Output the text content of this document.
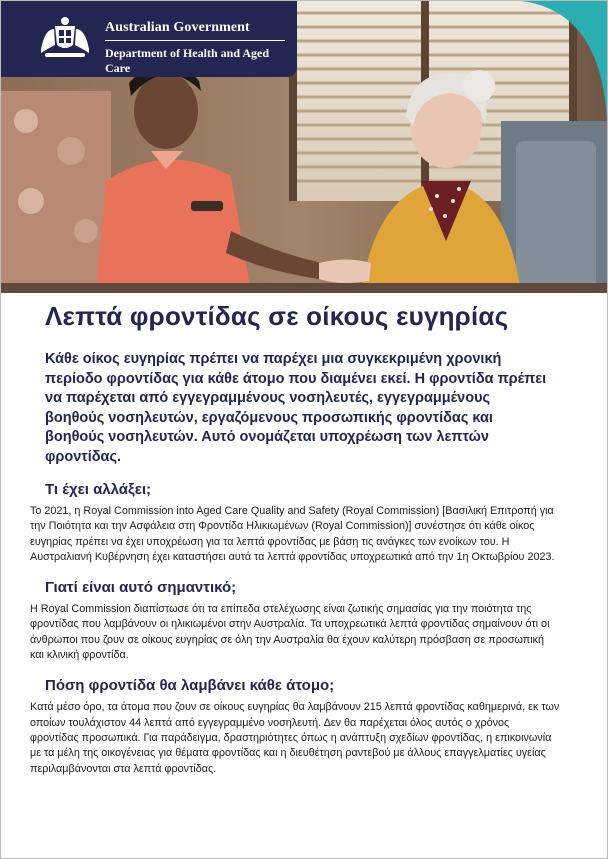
Australian Government
Department of Health and Aged Care
Λεπτά φροντίδας σε οίκους ευγηρίας
Κάθε οίκος ευγηρίας πρέπει να παρέχει μια συγκεκριμένη χρονική περίοδο φροντίδας για κάθε άτομο που διαμένει εκεί. Η φροντίδα πρέπει να παρέχεται από εγγεγραμμένους νοσηλευτές, εγγεγραμμένους βοηθούς νοσηλευτών, εργαζόμενους προσωπικής φροντίδας και βοηθούς νοσηλευτών. Αυτό ονομάζεται υποχρέωση των λεπτών φροντίδας.
Τι έχει αλλάξει;

Το 2021, η Royal Commission into Aged Care Quality and Safety (Royal Commission) [Βασιλική Επιτροπή για την Ποιότητα και την Ασφάλεια στη Φροντίδα Ηλικιωμένων (Royal Commission)] συνέστησε ότι κάθε οίκος ευγηρίας πρέπει να έχει υποχρέωση για τα λεπτά φροντίδας με βάση τις ανάγκες των ενοίκων του. Η Αυστραλιανή Κυβέρνηση έχει καταστήσει αυτά τα λεπτά φροντίδας υποχρεωτικά από την 1η Οκτωβρίου 2023.

Γιατί είναι αυτό σημαντικό;

Η Royal Commission διαπίστωσε ότι τα επίπεδα στελέχωσης είναι ζωτικής σημασίας για την ποιότητα της φροντίδας που λαμβάνουν οι ηλικιωμένοι στην Αυστραλία. Τα υποχρεωτικά λεπτά φροντίδας σημαίνουν ότι οι άνθρωποι που ζουν σε οίκους ευγηρίας σε όλη την Αυστραλία θα έχουν καλύτερη πρόσβαση σε προσωπική και κλινική φροντίδα.

Πόση φροντίδα θα λαμβάνει κάθε άτομο;

Κατά μέσο όρο, τα άτομα που ζουν σε οίκους ευγηρίας θα λαμβάνουν 215 λεπτά φροντίδας καθημερινά, εκ των οποίων τουλάχιστον 44 λεπτά από εγγεγραμμένο νοσηλευτή. Δεν θα παρέχεται όλος αυτός ο χρόνος φροντίδας προσωπικά. Για παράδειγμα, δραστηριότητες όπως η ανάπτυξη σχεδίων φροντίδας, η επικοινωνία με τα μέλη της οικογένειας για θέματα φροντίδας και η διευθέτηση ραντεβού με άλλους επαγγελματίες υγείας περιλαμβάνονται στα λεπτά φροντίδας.
